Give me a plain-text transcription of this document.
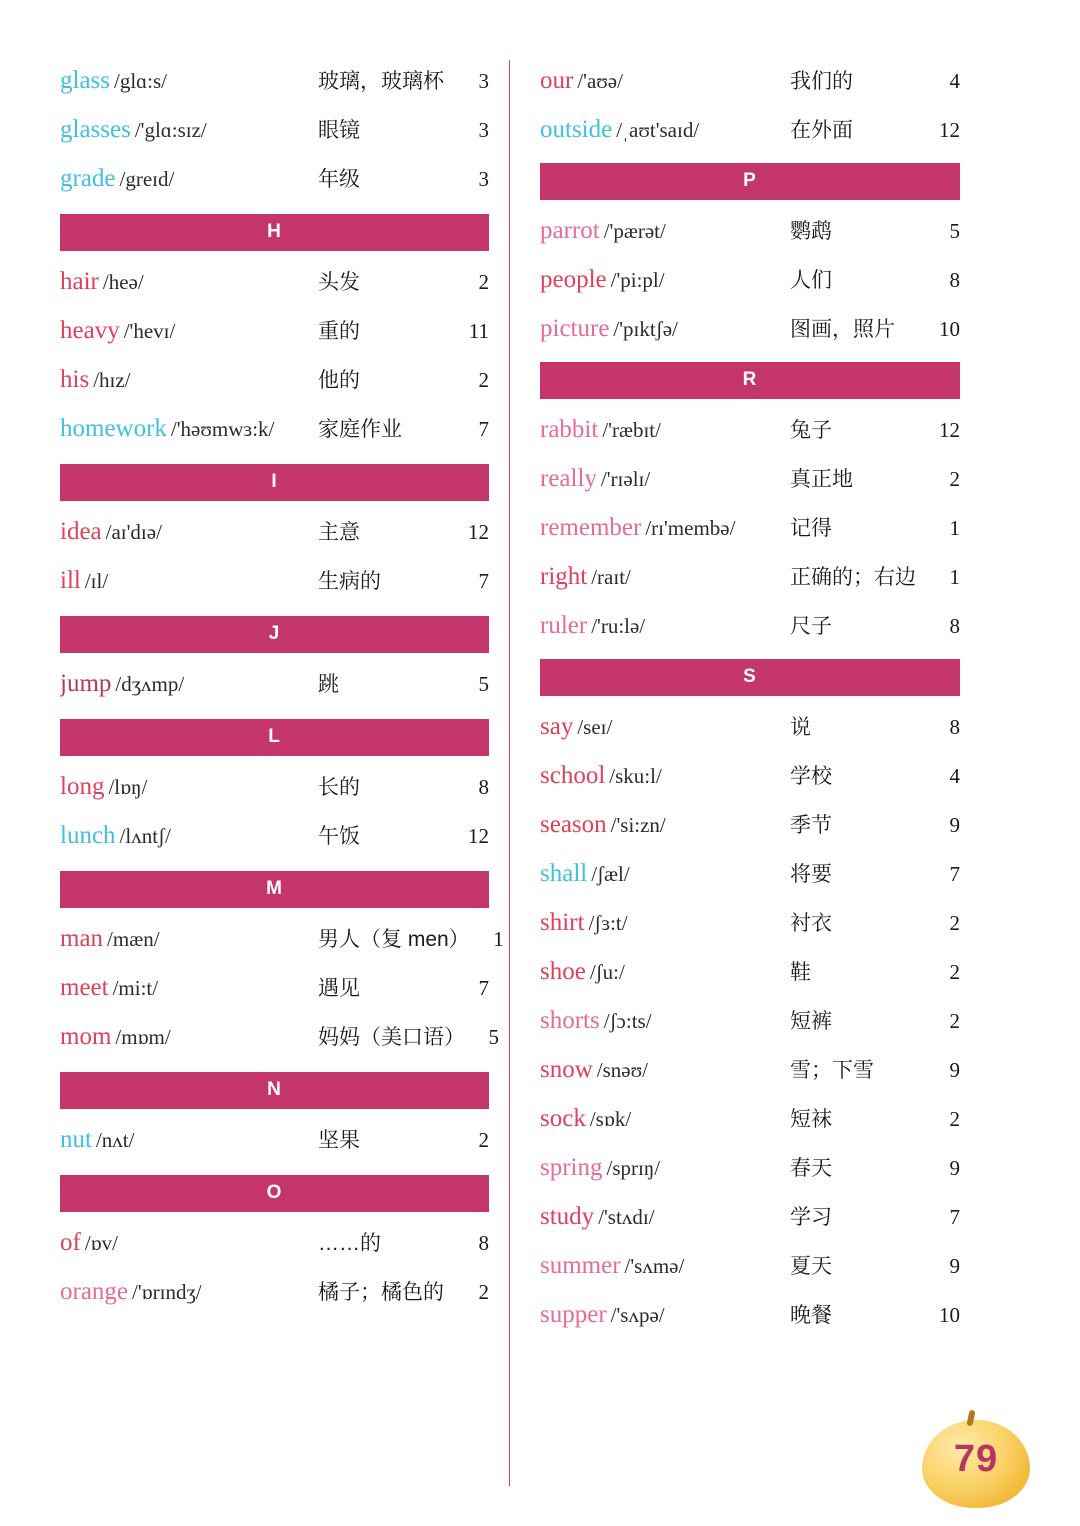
glass /glɑ:s/	玻璃，玻璃杯	3
glasses /'glɑ:sɪz/	眼镜	3
grade /greɪd/	年级	3
H
hair /heə/	头发	2
heavy /'hevɪ/	重的	11
his /hɪz/	他的	2
homework /'həʊmwɜ:k/	家庭作业	7
I
idea /aɪ'dɪə/	主意	12
ill /ɪl/	生病的	7
J
jump /dʒʌmp/	跳	5
L
long /lɒŋ/	长的	8
lunch /lʌntʃ/	午饭	12
M
man /mæn/	男人（复 men）	1
meet /mi:t/	遇见	7
mom /mɒm/	妈妈（美口语）	5
N
nut /nʌt/	坚果	2
O
of /ɒv/	……的	8
orange /'ɒrɪndʒ/	橘子；橘色的	2
our /'aʊə/	我们的	4
outside /ˌaʊt'saɪd/	在外面	12
P
parrot /'pærət/	鹦鹉	5
people /'pi:pl/	人们	8
picture /'pɪktʃə/	图画，照片	10
R
rabbit /'ræbɪt/	兔子	12
really /'rɪəlɪ/	真正地	2
remember /rɪ'membə/	记得	1
right /raɪt/	正确的；右边	1
ruler /'ru:lə/	尺子	8
S
say /seɪ/	说	8
school /sku:l/	学校	4
season /'si:zn/	季节	9
shall /ʃæl/	将要	7
shirt /ʃɜ:t/	衬衣	2
shoe /ʃu:/	鞋	2
shorts /ʃɔ:ts/	短裤	2
snow /snəʊ/	雪；下雪	9
sock /sɒk/	短袜	2
spring /sprɪŋ/	春天	9
study /'stʌdɪ/	学习	7
summer /'sʌmə/	夏天	9
supper /'sʌpə/	晚餐	10
79
